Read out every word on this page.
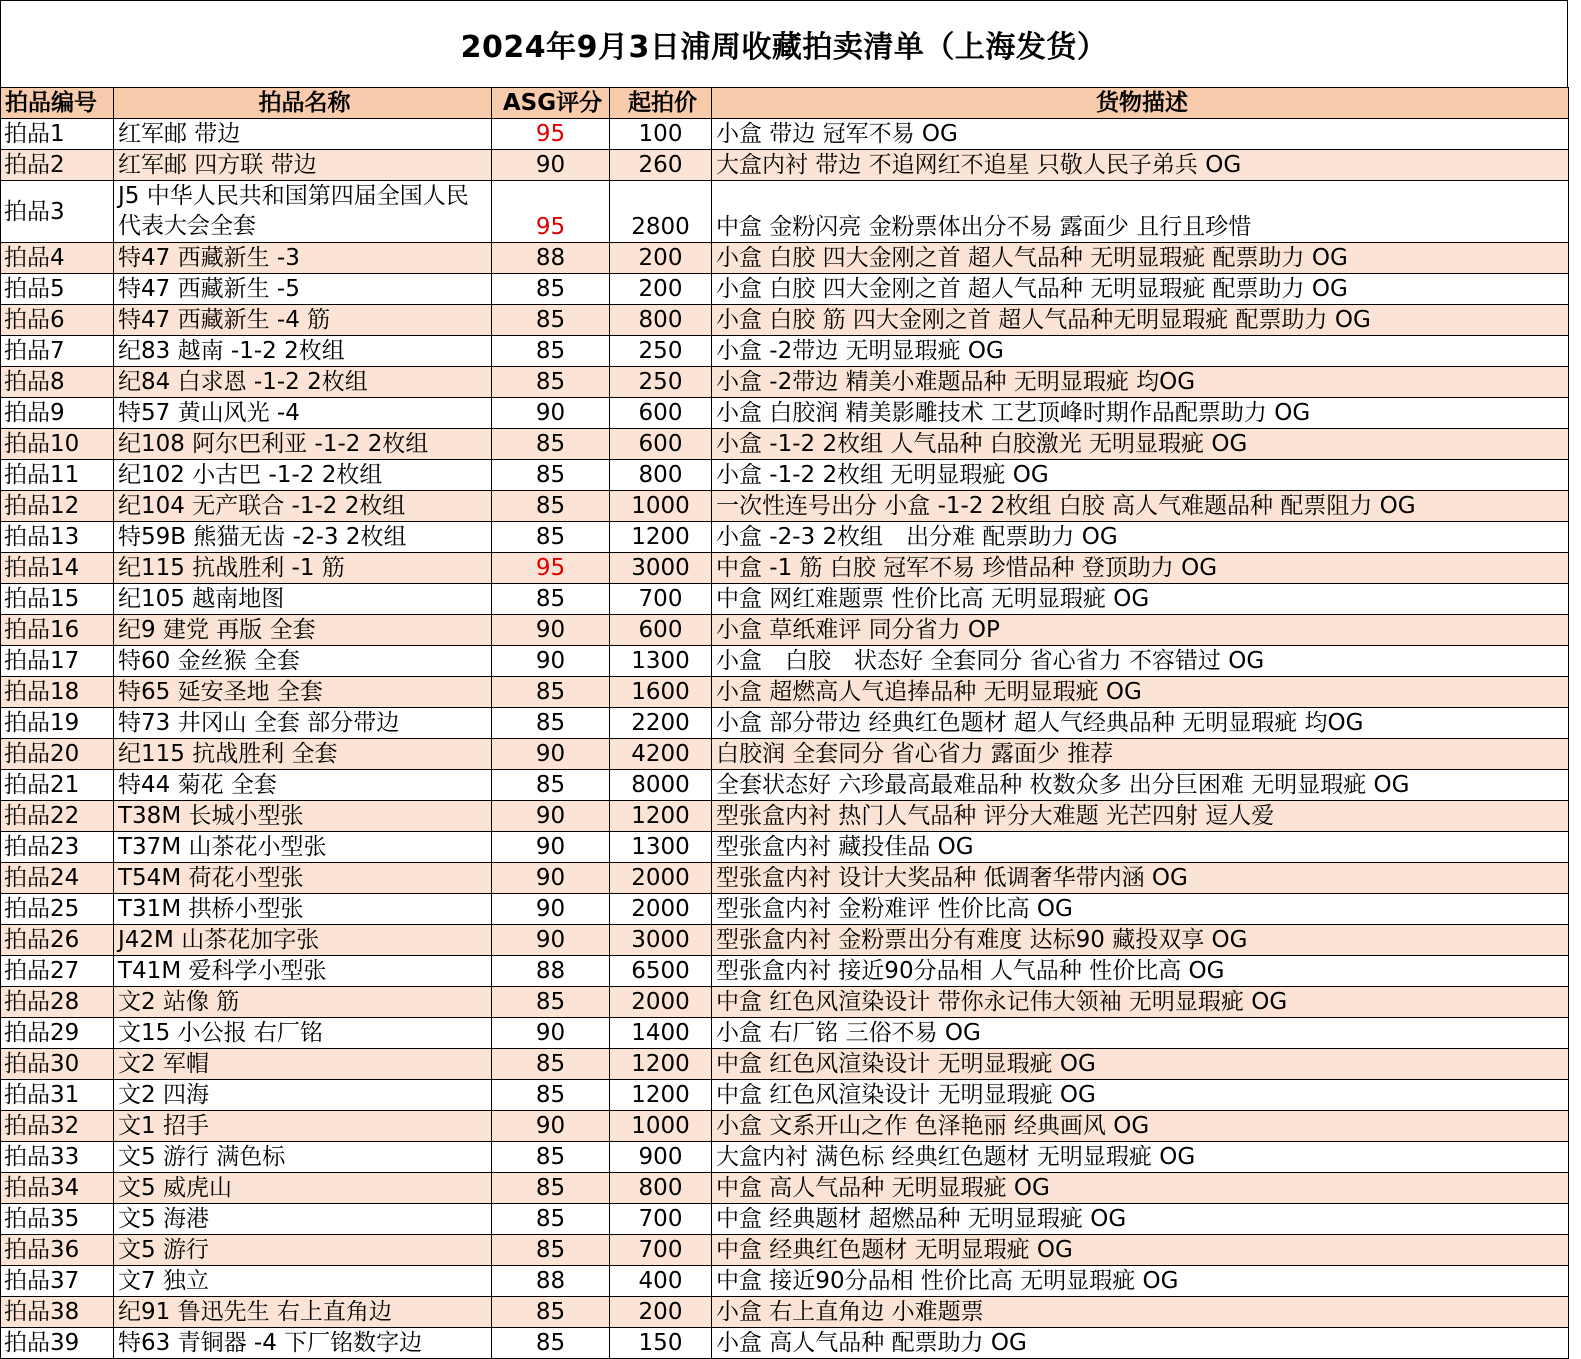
2024年9月3日浦周收藏拍卖清单（上海发货）
拍品编号	拍品名称	ASG评分	起拍价	货物描述
拍品1	红军邮 带边	95	100	小盒 带边 冠军不易 OG
拍品2	红军邮 四方联 带边	90	260	大盒内衬 带边 不追网红不追星 只敬人民子弟兵 OG
拍品3	J5 中华人民共和国第四届全国人民代表大会全套	95	2800	中盒 金粉闪亮 金粉票体出分不易 露面少 且行且珍惜
拍品4	特47 西藏新生 -3	88	200	小盒 白胶 四大金刚之首 超人气品种 无明显瑕疵 配票助力 OG
拍品5	特47 西藏新生 -5	85	200	小盒 白胶 四大金刚之首 超人气品种 无明显瑕疵 配票助力 OG
拍品6	特47 西藏新生 -4 筋	85	800	小盒 白胶 筋 四大金刚之首 超人气品种无明显瑕疵 配票助力 OG
拍品7	纪83 越南 -1-2 2枚组	85	250	小盒 -2带边 无明显瑕疵 OG
拍品8	纪84 白求恩 -1-2 2枚组	85	250	小盒 -2带边 精美小难题品种 无明显瑕疵 均OG
拍品9	特57 黄山风光 -4	90	600	小盒 白胶润 精美影雕技术 工艺顶峰时期作品配票助力 OG
拍品10	纪108 阿尔巴利亚 -1-2 2枚组	85	600	小盒 -1-2 2枚组 人气品种 白胶激光 无明显瑕疵 OG
拍品11	纪102 小古巴 -1-2 2枚组	85	800	小盒 -1-2 2枚组 无明显瑕疵 OG
拍品12	纪104 无产联合 -1-2 2枚组	85	1000	一次性连号出分 小盒 -1-2 2枚组 白胶 高人气难题品种 配票阻力 OG
拍品13	特59B 熊猫无齿 -2-3 2枚组	85	1200	小盒 -2-3 2枚组　出分难 配票助力 OG
拍品14	纪115 抗战胜利 -1 筋	95	3000	中盒 -1 筋 白胶 冠军不易 珍惜品种 登顶助力 OG
拍品15	纪105 越南地图	85	700	中盒 网红难题票 性价比高 无明显瑕疵 OG
拍品16	纪9 建党 再版 全套	90	600	小盒 草纸难评 同分省力 OP
拍品17	特60 金丝猴 全套	90	1300	小盒　白胶　状态好 全套同分 省心省力 不容错过 OG
拍品18	特65 延安圣地 全套	85	1600	小盒 超燃高人气追捧品种 无明显瑕疵 OG
拍品19	特73 井冈山 全套 部分带边	85	2200	小盒 部分带边 经典红色题材 超人气经典品种 无明显瑕疵 均OG
拍品20	纪115 抗战胜利 全套	90	4200	白胶润 全套同分 省心省力 露面少 推荐
拍品21	特44 菊花 全套	85	8000	全套状态好 六珍最高最难品种 枚数众多 出分巨困难 无明显瑕疵 OG
拍品22	T38M 长城小型张	90	1200	型张盒内衬 热门人气品种 评分大难题 光芒四射 逗人爱
拍品23	T37M 山茶花小型张	90	1300	型张盒内衬 藏投佳品 OG
拍品24	T54M 荷花小型张	90	2000	型张盒内衬 设计大奖品种 低调奢华带内涵 OG
拍品25	T31M 拱桥小型张	90	2000	型张盒内衬 金粉难评 性价比高 OG
拍品26	J42M 山茶花加字张	90	3000	型张盒内衬 金粉票出分有难度 达标90 藏投双享 OG
拍品27	T41M 爱科学小型张	88	6500	型张盒内衬 接近90分品相 人气品种 性价比高 OG
拍品28	文2 站像 筋	85	2000	中盒 红色风渲染设计 带你永记伟大领袖 无明显瑕疵 OG
拍品29	文15 小公报 右厂铭	90	1400	小盒 右厂铭 三俗不易 OG
拍品30	文2 军帽	85	1200	中盒 红色风渲染设计 无明显瑕疵 OG
拍品31	文2 四海	85	1200	中盒 红色风渲染设计 无明显瑕疵 OG
拍品32	文1 招手	90	1000	小盒 文系开山之作 色泽艳丽 经典画风 OG
拍品33	文5 游行 满色标	85	900	大盒内衬 满色标 经典红色题材 无明显瑕疵 OG
拍品34	文5 威虎山	85	800	中盒 高人气品种 无明显瑕疵 OG
拍品35	文5 海港	85	700	中盒 经典题材 超燃品种 无明显瑕疵 OG
拍品36	文5 游行	85	700	中盒 经典红色题材 无明显瑕疵 OG
拍品37	文7 独立	88	400	中盒 接近90分品相 性价比高 无明显瑕疵 OG
拍品38	纪91 鲁迅先生 右上直角边	85	200	小盒 右上直角边 小难题票
拍品39	特63 青铜器 -4 下厂铭数字边	85	150	小盒 高人气品种 配票助力 OG
